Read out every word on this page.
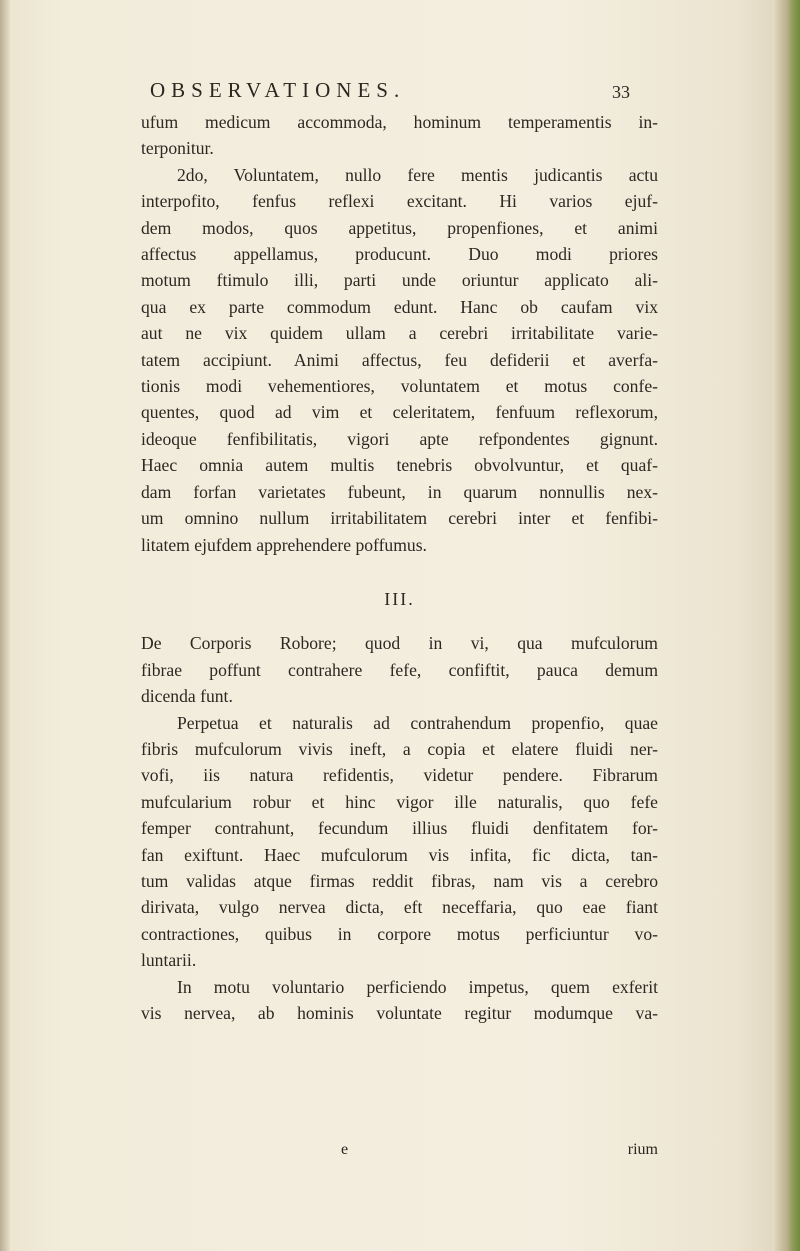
OBSERVATIONES.	33
ufum medicum accommoda, hominum temperamentis in-
terponitur.
2do, Voluntatem, nullo fere mentis judicantis actu
interpofito, fenfus reflexi excitant. Hi varios ejuf-
dem modos, quos appetitus, propenfiones, et animi
affectus appellamus, producunt. Duo modi priores
motum ftimulo illi, parti unde oriuntur applicato ali-
qua ex parte commodum edunt. Hanc ob caufam vix
aut ne vix quidem ullam a cerebri irritabilitate varie-
tatem accipiunt. Animi affectus, feu defiderii et averfa-
tionis modi vehementiores, voluntatem et motus confe-
quentes, quod ad vim et celeritatem, fenfuum reflexorum,
ideoque fenfibilitatis, vigori apte refpondentes gignunt.
Haec omnia autem multis tenebris obvolvuntur, et quaf-
dam forfan varietates fubeunt, in quarum nonnullis nex-
um omnino nullum irritabilitatem cerebri inter et fenfibi-
litatem ejufdem apprehendere poffumus.
III.
De Corporis Robore; quod in vi, qua mufculorum
fibrae poffunt contrahere fefe, confiftit, pauca demum
dicenda funt.
Perpetua et naturalis ad contrahendum propenfio, quae
fibris mufculorum vivis ineft, a copia et elatere fluidi ner-
vofi, iis natura refidentis, videtur pendere. Fibrarum
mufcularium robur et hinc vigor ille naturalis, quo fefe
femper contrahunt, fecundum illius fluidi denfitatem for-
fan exiftunt. Haec mufculorum vis infita, fic dicta, tan-
tum validas atque firmas reddit fibras, nam vis a cerebro
dirivata, vulgo nervea dicta, eft neceffaria, quo eae fiant
contractiones, quibus in corpore motus perficiuntur vo-
luntarii.
In motu voluntario perficiendo impetus, quem exferit
vis nervea, ab hominis voluntate regitur modumque va-
e	rium
